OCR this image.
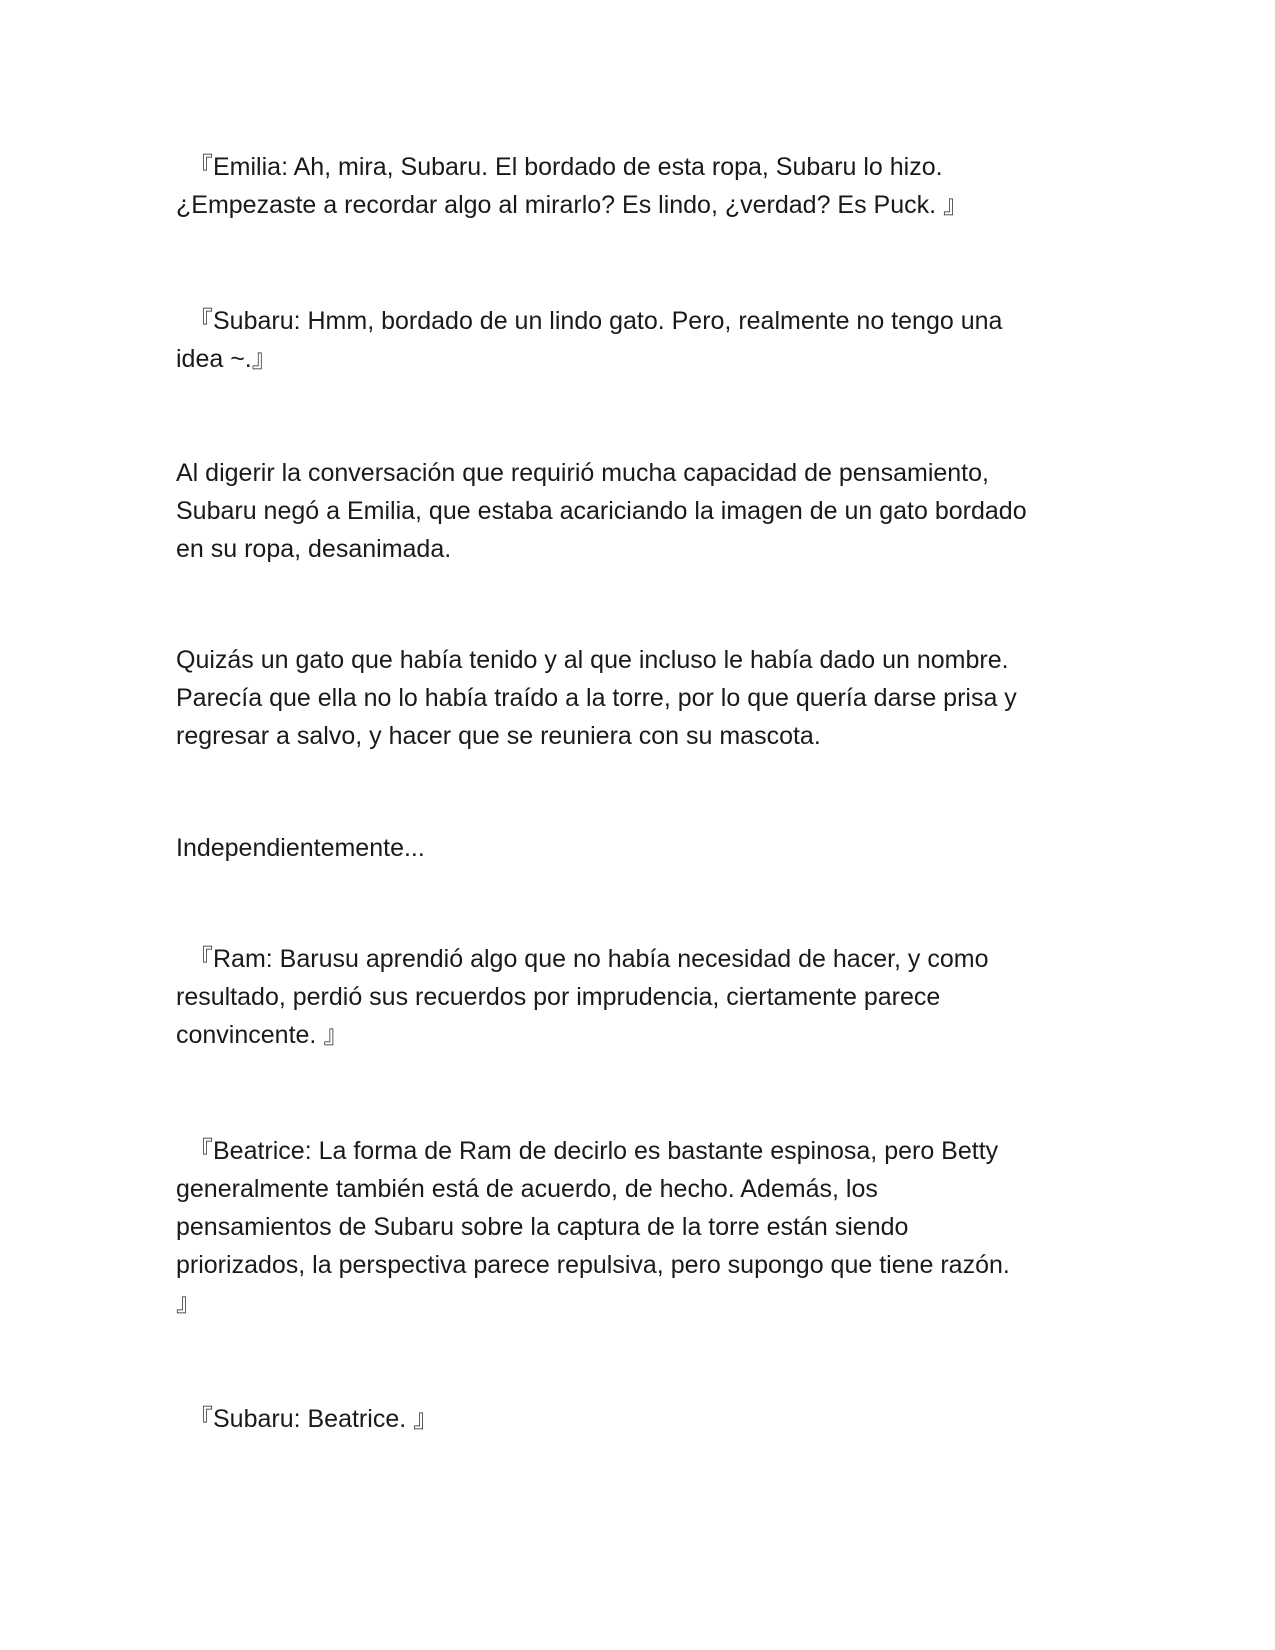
『Emilia: Ah, mira, Subaru. El bordado de esta ropa, Subaru lo hizo.
¿Empezaste a recordar algo al mirarlo? Es lindo, ¿verdad? Es Puck. 』

『Subaru: Hmm, bordado de un lindo gato. Pero, realmente no tengo una
idea ~.』

Al digerir la conversación que requirió mucha capacidad de pensamiento,
Subaru negó a Emilia, que estaba acariciando la imagen de un gato bordado
en su ropa, desanimada.

Quizás un gato que había tenido y al que incluso le había dado un nombre.
Parecía que ella no lo había traído a la torre, por lo que quería darse prisa y
regresar a salvo, y hacer que se reuniera con su mascota.

Independientemente...

『Ram: Barusu aprendió algo que no había necesidad de hacer, y como
resultado, perdió sus recuerdos por imprudencia, ciertamente parece
convincente. 』

『Beatrice: La forma de Ram de decirlo es bastante espinosa, pero Betty
generalmente también está de acuerdo, de hecho. Además, los
pensamientos de Subaru sobre la captura de la torre están siendo
priorizados, la perspectiva parece repulsiva, pero supongo que tiene razón.
』

『Subaru: Beatrice. 』
